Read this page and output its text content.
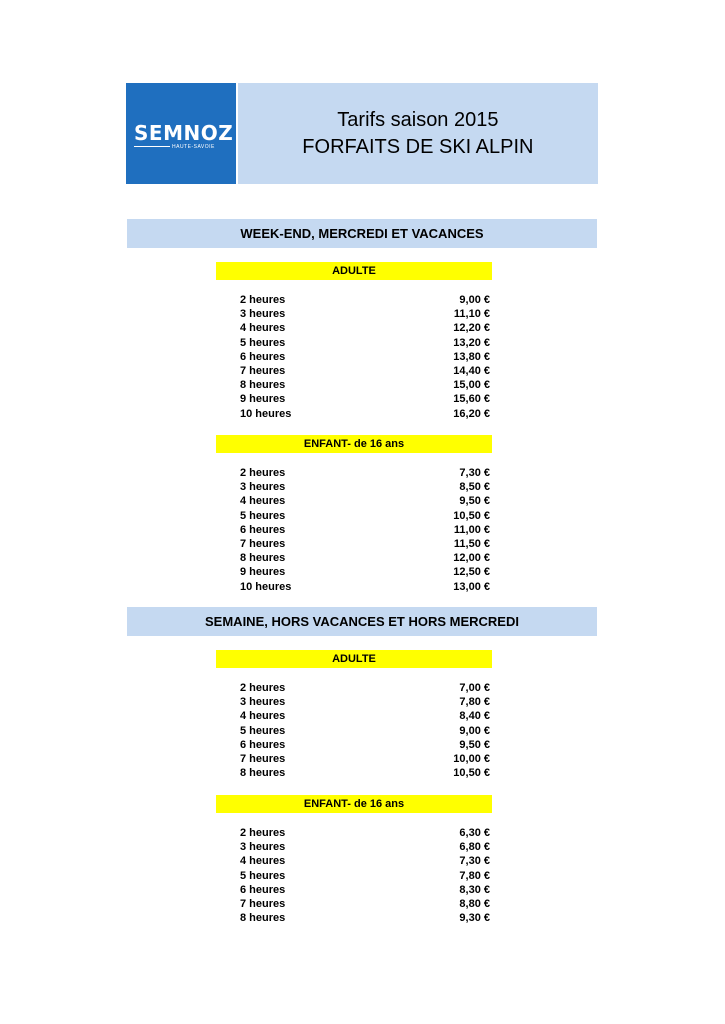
SEMNOZ
HAUTE-SAVOIE
Tarifs saison 2015
FORFAITS DE SKI ALPIN
WEEK-END, MERCREDI ET VACANCES
ADULTE
2 heures	9,00 €
3 heures	11,10 €
4 heures	12,20 €
5 heures	13,20 €
6 heures	13,80 €
7 heures	14,40 €
8 heures	15,00 €
9 heures	15,60 €
10 heures	16,20 €
ENFANT- de 16 ans
2 heures	7,30 €
3 heures	8,50 €
4 heures	9,50 €
5 heures	10,50 €
6 heures	11,00 €
7 heures	11,50 €
8 heures	12,00 €
9 heures	12,50 €
10 heures	13,00 €
SEMAINE, HORS VACANCES ET HORS MERCREDI
ADULTE
2 heures	7,00 €
3 heures	7,80 €
4 heures	8,40 €
5 heures	9,00 €
6 heures	9,50 €
7 heures	10,00 €
8 heures	10,50 €
ENFANT- de 16 ans
2 heures	6,30 €
3 heures	6,80 €
4 heures	7,30 €
5 heures	7,80 €
6 heures	8,30 €
7 heures	8,80 €
8 heures	9,30 €
